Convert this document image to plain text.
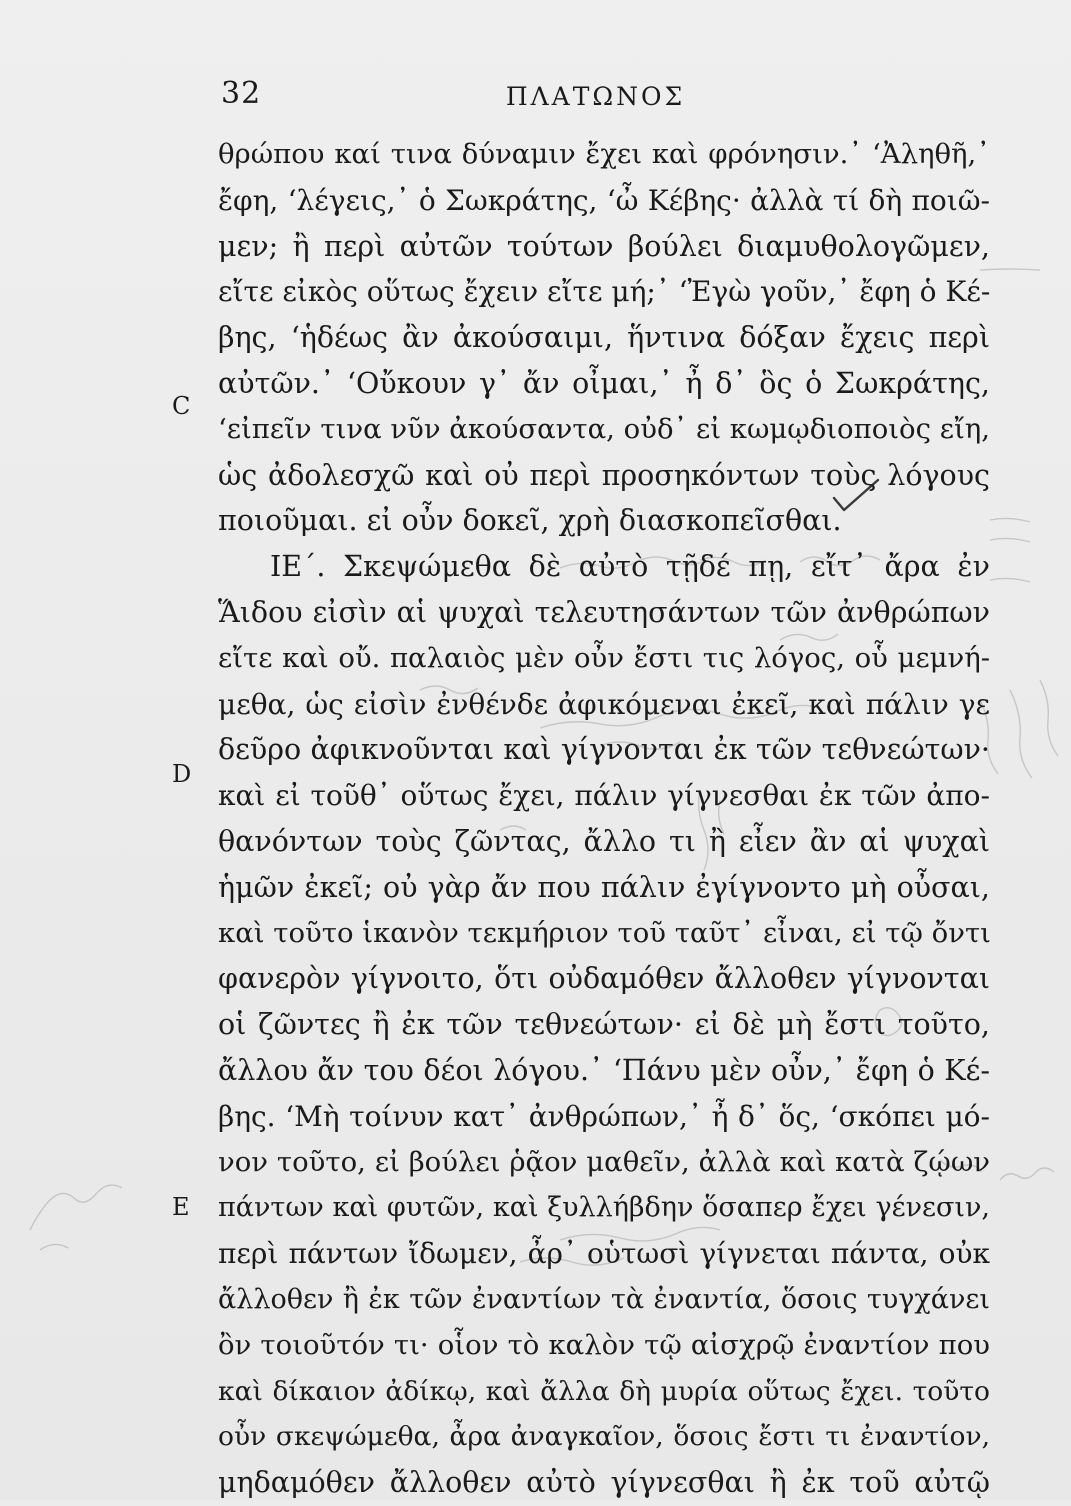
32	ΠΛΑΤΩΝΟΣ
C
D
E
θρώπου καί τινα δύναμιν ἔχει καὶ φρόνησιν.᾽ ‘Ἀληθῆ,᾽
ἔφη, ‘λέγεις,᾽ ὁ Σωκράτης, ‘ὦ Κέβης· ἀλλὰ τί δὴ ποιῶ-
μεν; ἢ περὶ αὐτῶν τούτων βούλει διαμυθολογῶμεν,
εἴτε εἰκὸς οὕτως ἔχειν εἴτε μή;᾽ ‘Ἐγὼ γοῦν,᾽ ἔφη ὁ Κέ-
βης, ‘ἡδέως ἂν ἀκούσαιμι, ἥντινα δόξαν ἔχεις περὶ
αὐτῶν.᾽ ‘Οὔκουν γ᾽ ἄν οἶμαι,᾽ ἦ δ᾽ ὃς ὁ Σωκράτης,
‘εἰπεῖν τινα νῦν ἀκούσαντα, οὐδ᾽ εἰ κωμῳδιοποιὸς εἴη,
ὡς ἀδολεσχῶ καὶ οὐ περὶ προσηκόντων τοὺς λόγους
ποιοῦμαι. εἰ οὖν δοκεῖ, χρὴ διασκοπεῖσθαι.
ΙΕ΄. Σκεψώμεθα δὲ αὐτὸ τῇδέ πῃ, εἴτ᾽ ἄρα ἐν
Ἅιδου εἰσὶν αἱ ψυχαὶ τελευτησάντων τῶν ἀνθρώπων
εἴτε καὶ οὔ. παλαιὸς μὲν οὖν ἔστι τις λόγος, οὗ μεμνή-
μεθα, ὡς εἰσὶν ἐνθένδε ἀφικόμεναι ἐκεῖ, καὶ πάλιν γε
δεῦρο ἀφικνοῦνται καὶ γίγνονται ἐκ τῶν τεθνεώτων·
καὶ εἰ τοῦθ᾽ οὕτως ἔχει, πάλιν γίγνεσθαι ἐκ τῶν ἀπο-
θανόντων τοὺς ζῶντας, ἄλλο τι ἢ εἶεν ἂν αἱ ψυχαὶ
ἡμῶν ἐκεῖ; οὐ γὰρ ἄν που πάλιν ἐγίγνοντο μὴ οὖσαι,
καὶ τοῦτο ἱκανὸν τεκμήριον τοῦ ταῦτ᾽ εἶναι, εἰ τῷ ὄντι
φανερὸν γίγνοιτο, ὅτι οὐδαμόθεν ἄλλοθεν γίγνονται
οἱ ζῶντες ἢ ἐκ τῶν τεθνεώτων· εἰ δὲ μὴ ἔστι τοῦτο,
ἄλλου ἄν του δέοι λόγου.᾽ ‘Πάνυ μὲν οὖν,᾽ ἔφη ὁ Κέ-
βης. ‘Μὴ τοίνυν κατ᾽ ἀνθρώπων,᾽ ἦ δ᾽ ὅς, ‘σκόπει μό-
νον τοῦτο, εἰ βούλει ῥᾷον μαθεῖν, ἀλλὰ καὶ κατὰ ζῴων
πάντων καὶ φυτῶν, καὶ ξυλλήβδην ὅσαπερ ἔχει γένεσιν,
περὶ πάντων ἴδωμεν, ἆρ᾽ οὑτωσὶ γίγνεται πάντα, οὐκ
ἄλλοθεν ἢ ἐκ τῶν ἐναντίων τὰ ἐναντία, ὅσοις τυγχάνει
ὂν τοιοῦτόν τι· οἷον τὸ καλὸν τῷ αἰσχρῷ ἐναντίον που
καὶ δίκαιον ἀδίκῳ, καὶ ἄλλα δὴ μυρία οὕτως ἔχει. τοῦτο
οὖν σκεψώμεθα, ἆρα ἀναγκαῖον, ὅσοις ἔστι τι ἐναντίον,
μηδαμόθεν ἄλλοθεν αὐτὸ γίγνεσθαι ἢ ἐκ τοῦ αὐτῷ
